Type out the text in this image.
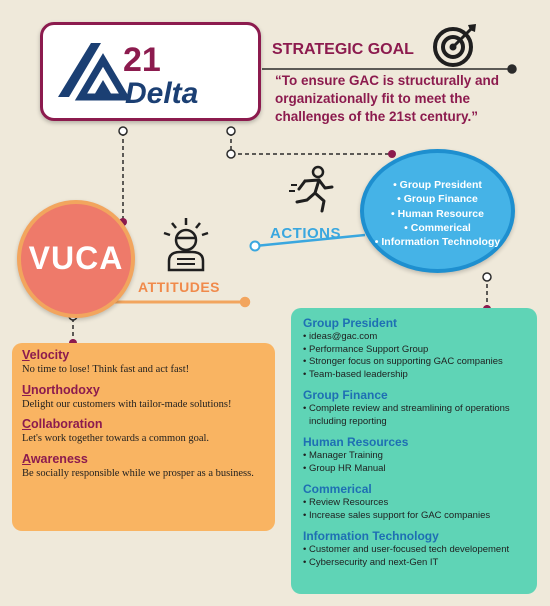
21
Delta
STRATEGIC GOAL
“To ensure GAC is structurally and organizationally fit to meet the challenges of the 21st century.”
VUCA
ATTITUDES
ACTIONS
• Group President
• Group Finance
• Human Resource
• Commerical
• Information Technology
Velocity
No time to lose! Think fast and act fast!
Unorthodoxy
Delight our customers with tailor-made solutions!
Collaboration
Let's work together towards a common goal.
Awareness
Be socially responsible while we prosper as a business.
Group President
• ideas@gac.com
• Performance Support Group
• Stronger focus on supporting GAC companies
• Team-based leadership
Group Finance
• Complete review and streamlining of operations including reporting
Human Resources
• Manager Training
• Group HR Manual
Commerical
• Review Resources
• Increase sales support for GAC companies
Information Technology
• Customer and user-focused tech developement
• Cybersecurity and next-Gen IT
